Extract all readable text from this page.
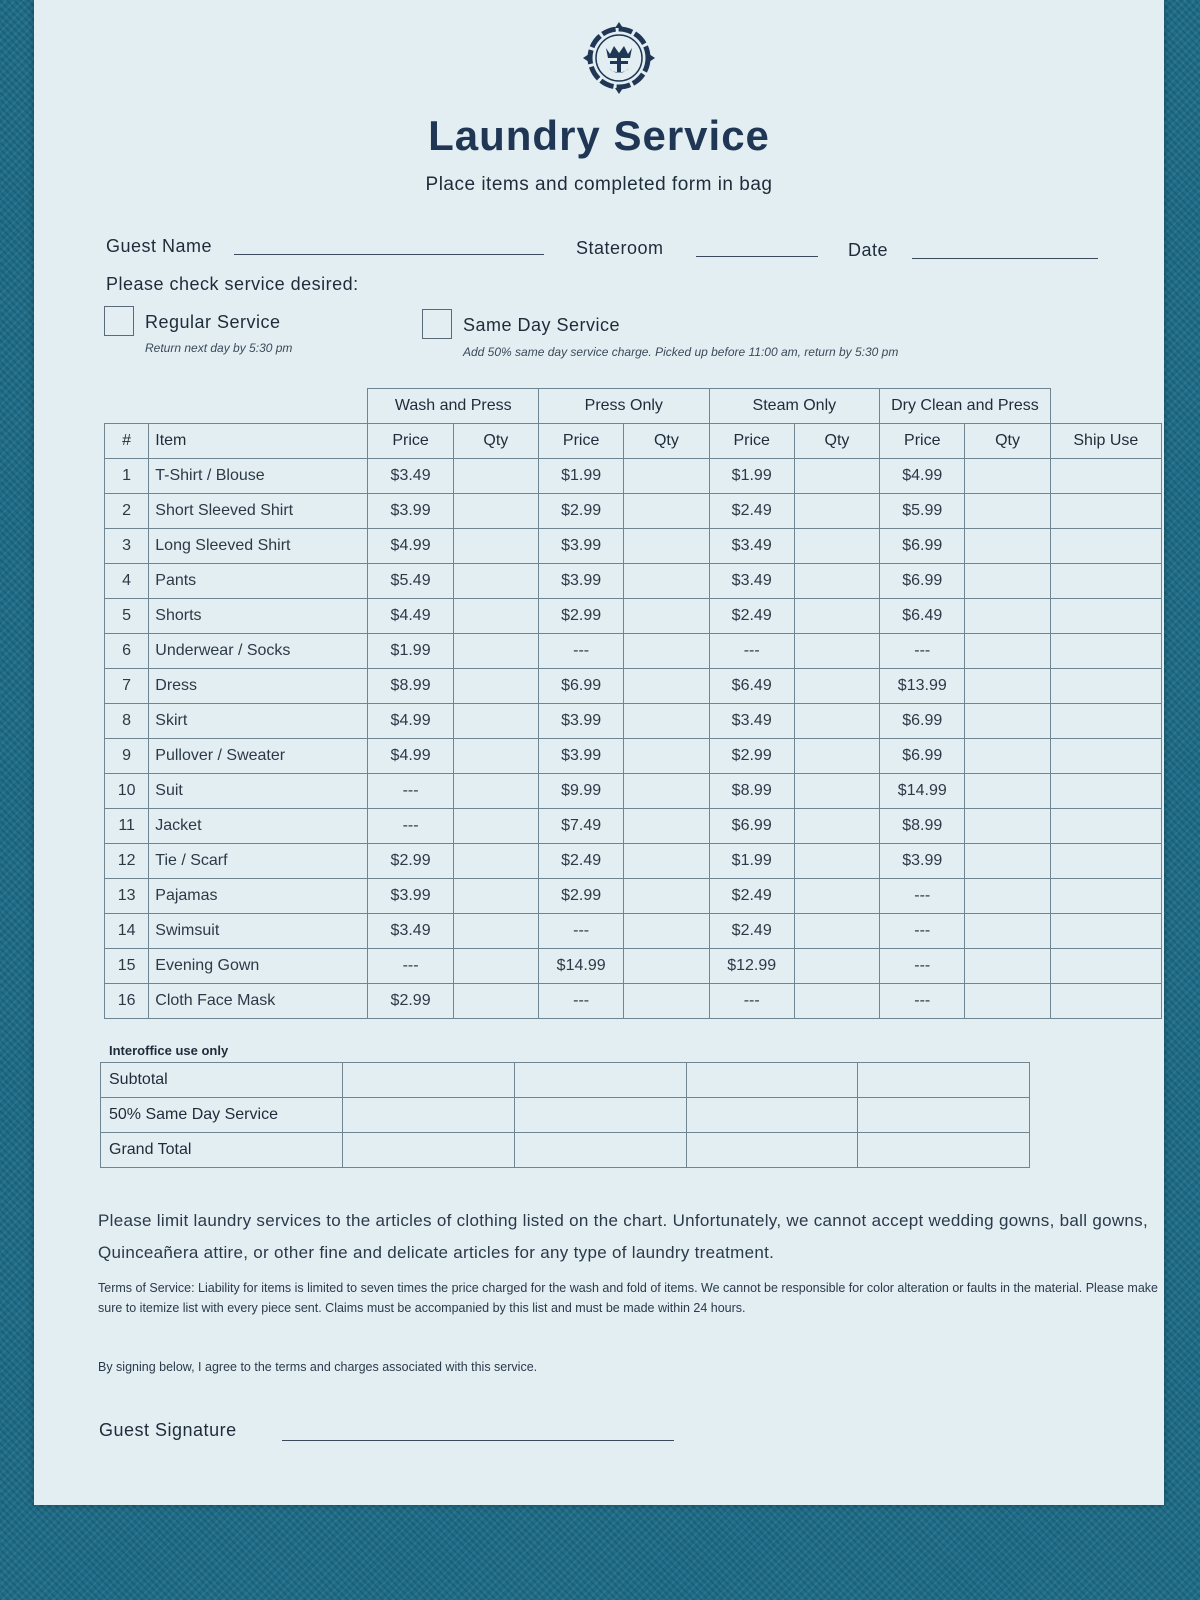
Laundry Service
Place items and completed form in bag
Guest Name	Stateroom	Date
Please check service desired:
Regular Service
Return next day by 5:30 pm
Same Day Service
Add 50% same day service charge. Picked up before 11:00 am, return by 5:30 pm
		Wash and Press		Press Only		Steam Only		Dry Clean and Press		
#	Item	Price	Qty	Price	Qty	Price	Qty	Price	Qty	Ship Use
1	T-Shirt / Blouse	$3.49		$1.99		$1.99		$4.99		
2	Short Sleeved Shirt	$3.99		$2.99		$2.49		$5.99		
3	Long Sleeved Shirt	$4.99		$3.99		$3.49		$6.99		
4	Pants	$5.49		$3.99		$3.49		$6.99		
5	Shorts	$4.49		$2.99		$2.49		$6.49		
6	Underwear / Socks	$1.99		---		---		---		
7	Dress	$8.99		$6.99		$6.49		$13.99		
8	Skirt	$4.99		$3.99		$3.49		$6.99		
9	Pullover / Sweater	$4.99		$3.99		$2.99		$6.99		
10	Suit	---		$9.99		$8.99		$14.99		
11	Jacket	---		$7.49		$6.99		$8.99		
12	Tie / Scarf	$2.99		$2.49		$1.99		$3.99		
13	Pajamas	$3.99		$2.99		$2.49		---		
14	Swimsuit	$3.49		---		$2.49		---		
15	Evening Gown	---		$14.99		$12.99		---		
16	Cloth Face Mask	$2.99		---		---		---		
Interoffice use only
Subtotal				
50% Same Day Service				
Grand Total				
Please limit laundry services to the articles of clothing listed on the chart. Unfortunately, we cannot accept wedding gowns, ball gowns, Quinceañera attire, or other fine and delicate articles for any type of laundry treatment.
Terms of Service: Liability for items is limited to seven times the price charged for the wash and fold of items. We cannot be responsible for color alteration or faults in the material. Please make sure to itemize list with every piece sent. Claims must be accompanied by this list and must be made within 24 hours.
By signing below, I agree to the terms and charges associated with this service.
Guest Signature
